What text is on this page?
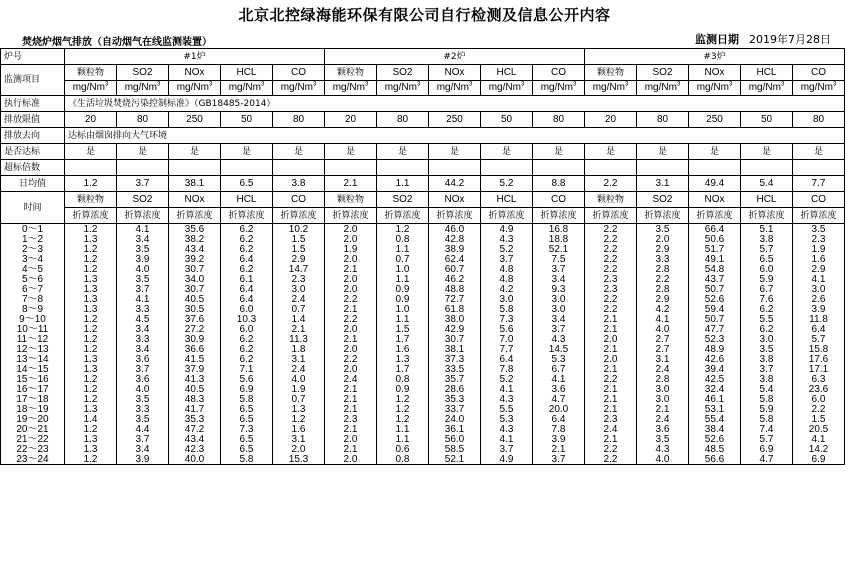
北京北控绿海能环保有限公司自行检测及信息公开内容
焚烧炉烟气排放（自动烟气在线监测装置）	监测日期 2019年7月28日
炉号	#1炉					#2炉					#3炉				
监测项目	颗粒物	SO2	NOx	HCL	CO	颗粒物	SO2	NOx	HCL	CO	颗粒物	SO2	NOx	HCL	CO
	mg/Nm$^3$	mg/Nm$^3$	mg/Nm$^3$	mg/Nm$^3$	mg/Nm$^3$	mg/Nm$^3$	mg/Nm$^3$	mg/Nm$^3$	mg/Nm$^3$	mg/Nm$^3$	mg/Nm$^3$	mg/Nm$^3$	mg/Nm$^3$	mg/Nm$^3$	mg/Nm$^3$
执行标准	《生活垃圾焚烧污染控制标准》（GB18485-2014）														
排放限值	20	80	250	50	80	20	80	250	50	80	20	80	250	50	80
排放去向	达标由烟囱排向大气环境														
是否达标	是	是	是	是	是	是	是	是	是	是	是	是	是	是	是
超标倍数															
日均值	1.2	3.7	38.1	6.5	3.8	2.1	1.1	44.2	5.2	8.8	2.2	3.1	49.4	5.4	7.7
时间	颗粒物	SO2	NOx	HCL	CO	颗粒物	SO2	NOx	HCL	CO	颗粒物	SO2	NOx	HCL	CO
	折算浓度	折算浓度	折算浓度	折算浓度	折算浓度	折算浓度	折算浓度	折算浓度	折算浓度	折算浓度	折算浓度	折算浓度	折算浓度	折算浓度	折算浓度
0～1	1.2	4.1	35.6	6.2	10.2	2.0	1.2	46.0	4.9	16.8	2.2	3.5	66.4	5.1	3.5
1～2	1.3	3.4	38.2	6.2	1.5	2.0	0.8	42.8	4.3	18.8	2.2	2.0	50.6	3.8	2.3
2～3	1.2	3.5	43.4	6.2	1.5	1.9	1.1	38.9	5.2	52.1	2.2	2.9	51.7	5.7	1.9
3～4	1.2	3.9	39.2	6.4	2.9	2.0	0.7	62.4	3.7	7.5	2.2	3.3	49.1	6.5	1.6
4～5	1.2	4.0	30.7	6.2	14.7	2.1	1.0	60.7	4.8	3.7	2.2	2.8	54.8	6.0	2.9
5～6	1.3	3.5	34.0	6.1	2.3	2.0	1.1	46.2	4.8	3.4	2.3	2.2	43.7	5.9	4.1
6～7	1.3	3.7	30.7	6.4	3.0	2.0	0.9	48.8	4.2	9.3	2.3	2.8	50.7	6.7	3.0
7～8	1.3	4.1	40.5	6.4	2.4	2.2	0.9	72.7	3.0	3.0	2.2	2.9	52.6	7.6	2.6
8～9	1.3	3.3	30.5	6.0	0.7	2.1	1.0	61.8	5.8	3.0	2.2	4.2	59.4	6.2	3.9
9～10	1.2	4.5	37.6	10.3	1.4	2.2	1.1	38.0	7.3	3.4	2.1	4.1	50.7	5.5	11.8
10～11	1.2	3.4	27.2	6.0	2.1	2.0	1.5	42.9	5.6	3.7	2.1	4.0	47.7	6.2	6.4
11～12	1.2	3.3	30.9	6.2	11.3	2.1	1.7	30.7	7.0	4.3	2.0	2.7	52.3	3.0	5.7
12～13	1.2	3.4	36.6	6.2	1.8	2.0	1.6	38.1	7.7	14.5	2.1	2.7	48.9	3.5	15.8
13～14	1.3	3.6	41.5	6.2	3.1	2.2	1.3	37.3	6.4	5.3	2.0	3.1	42.6	3.8	17.6
14～15	1.3	3.7	37.9	7.1	2.4	2.0	1.7	33.5	7.8	6.7	2.1	2.4	39.4	3.7	17.1
15～16	1.2	3.6	41.3	5.6	4.0	2.4	0.8	35.7	5.2	4.1	2.2	2.8	42.5	3.8	6.3
16～17	1.2	4.0	40.5	6.9	1.9	2.1	0.9	28.6	4.1	3.6	2.1	3.0	32.4	5.4	23.6
17～18	1.2	3.5	48.3	5.8	0.7	2.1	1.2	35.3	4.3	4.7	2.1	3.0	46.1	5.8	6.0
18～19	1.3	3.3	41.7	6.5	1.3	2.1	1.2	33.7	5.5	20.0	2.1	2.1	53.1	5.9	2.2
19～20	1.4	3.5	35.3	6.5	1.2	2.3	1.2	24.0	5.3	6.4	2.3	2.4	55.4	5.8	1.5
20～21	1.2	4.4	47.2	7.3	1.6	2.1	1.1	36.1	4.3	7.8	2.4	3.6	38.4	7.4	20.5
21～22	1.3	3.7	43.4	6.5	3.1	2.0	1.1	56.0	4.1	3.9	2.1	3.5	52.6	5.7	4.1
22～23	1.3	3.4	42.3	6.5	2.0	2.1	0.6	58.5	3.7	2.1	2.2	4.3	48.5	6.9	14.2
23～24	1.2	3.9	40.0	5.8	15.3	2.0	0.8	52.1	4.9	3.7	2.2	4.0	56.6	4.7	6.9
